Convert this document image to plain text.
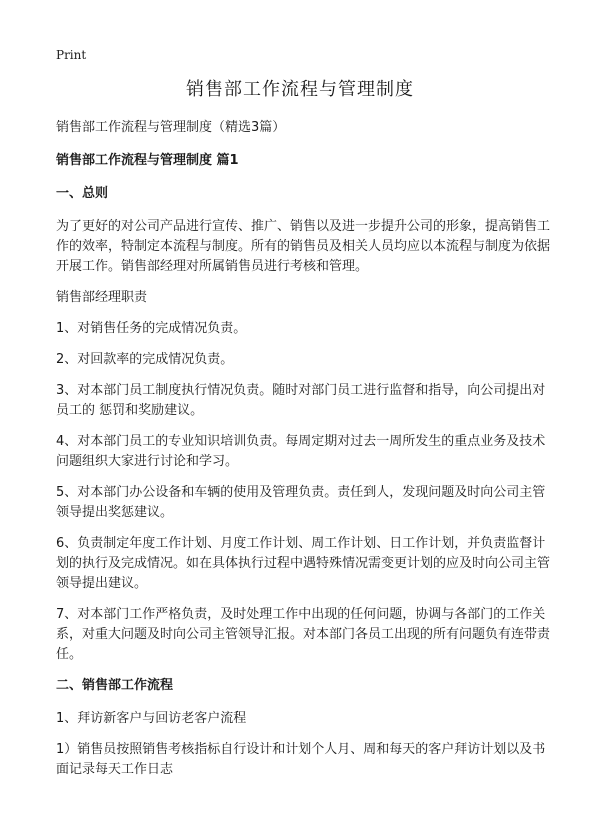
Print
销售部工作流程与管理制度

销售部工作流程与管理制度（精选3篇）

销售部工作流程与管理制度 篇1

一、总则

为了更好的对公司产品进行宣传、推广、销售以及进一步提升公司的形象，提高销售工作的效率，特制定本流程与制度。所有的销售员及相关人员均应以本流程与制度为依据开展工作。销售部经理对所属销售员进行考核和管理。

销售部经理职责

1、对销售任务的完成情况负责。

2、对回款率的完成情况负责。

3、对本部门员工制度执行情况负责。随时对部门员工进行监督和指导，向公司提出对员工的 惩罚和奖励建议。

4、对本部门员工的专业知识培训负责。每周定期对过去一周所发生的重点业务及技术问题组织大家进行讨论和学习。

5、对本部门办公设备和车辆的使用及管理负责。责任到人，发现问题及时向公司主管领导提出奖惩建议。

6、负责制定年度工作计划、月度工作计划、周工作计划、日工作计划，并负责监督计划的执行及完成情况。如在具体执行过程中遇特殊情况需变更计划的应及时向公司主管领导提出建议。

7、对本部门工作严格负责，及时处理工作中出现的任何问题，协调与各部门的工作关系，对重大问题及时向公司主管领导汇报。对本部门各员工出现的所有问题负有连带责任。

二、销售部工作流程

1、拜访新客户与回访老客户流程

1）销售员按照销售考核指标自行设计和计划个人月、周和每天的客户拜访计划以及书面记录每天工作日志
